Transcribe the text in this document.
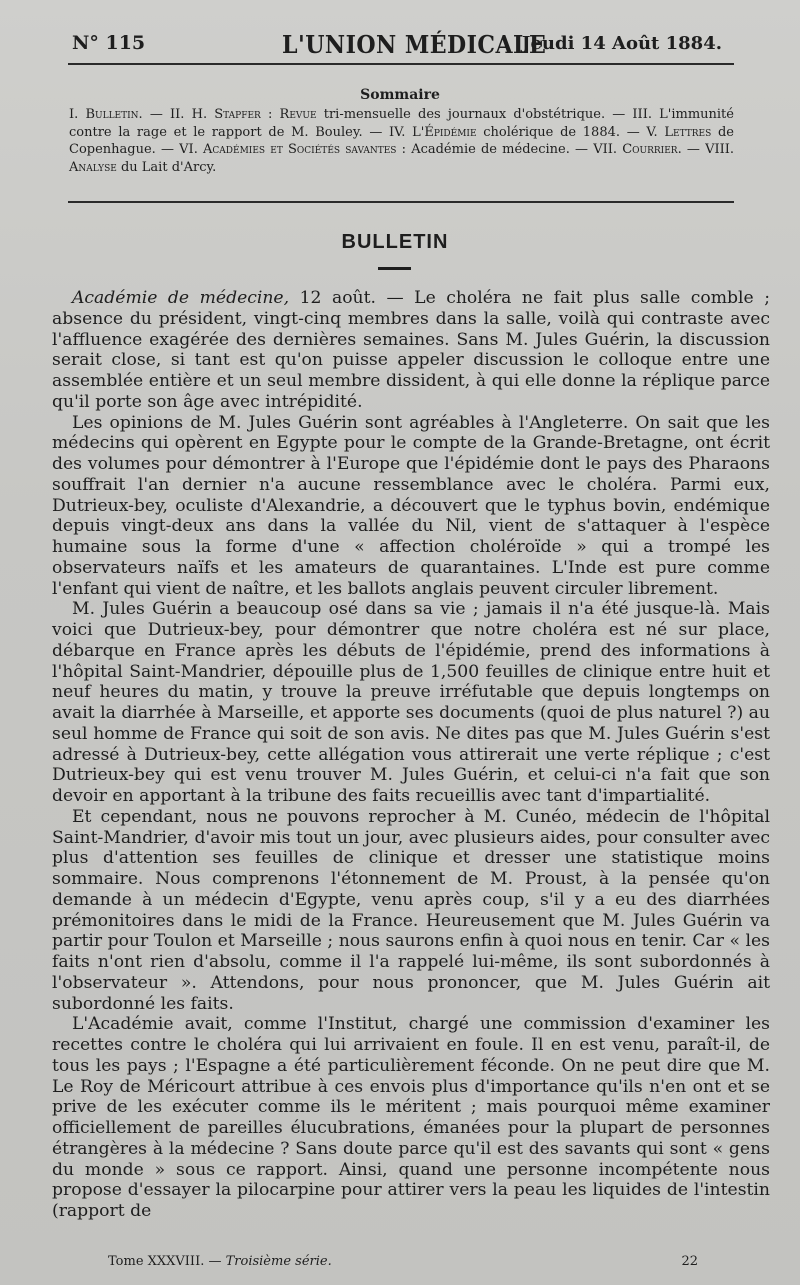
N° 115	L'UNION MÉDICALE
Jeudi 14 Août 1884.
Sommaire
I. Bulletin. — II. H. Stapfer : Revue tri-mensuelle des journaux d'obstétrique. — III. L'immunité contre la rage et le rapport de M. Bouley. — IV. L'Épidémie cholérique de 1884. — V. Lettres de Copenhague. — VI. Académies et Sociétés savantes : Académie de médecine. — VII. Courrier. — VIII. Analyse du Lait d'Arcy.
BULLETIN

Académie de médecine, 12 août. — Le choléra ne fait plus salle comble ; absence du président, vingt-cinq membres dans la salle, voilà qui contraste avec l'affluence exagérée des dernières semaines. Sans M. Jules Guérin, la discussion serait close, si tant est qu'on puisse appeler discussion le colloque entre une assemblée entière et un seul membre dissident, à qui elle donne la réplique parce qu'il porte son âge avec intrépidité.

Les opinions de M. Jules Guérin sont agréables à l'Angleterre. On sait que les médecins qui opèrent en Egypte pour le compte de la Grande-Bretagne, ont écrit des volumes pour démontrer à l'Europe que l'épidémie dont le pays des Pharaons souffrait l'an dernier n'a aucune ressemblance avec le choléra. Parmi eux, Dutrieux-bey, oculiste d'Alexandrie, a découvert que le typhus bovin, endémique depuis vingt-deux ans dans la vallée du Nil, vient de s'attaquer à l'espèce humaine sous la forme d'une « affection choléroïde » qui a trompé les observateurs naïfs et les amateurs de quarantaines. L'Inde est pure comme l'enfant qui vient de naître, et les ballots anglais peuvent circuler librement.

M. Jules Guérin a beaucoup osé dans sa vie ; jamais il n'a été jusque-là. Mais voici que Dutrieux-bey, pour démontrer que notre choléra est né sur place, débarque en France après les débuts de l'épidémie, prend des informations à l'hôpital Saint-Mandrier, dépouille plus de 1,500 feuilles de clinique entre huit et neuf heures du matin, y trouve la preuve irréfutable que depuis longtemps on avait la diarrhée à Marseille, et apporte ses documents (quoi de plus naturel ?) au seul homme de France qui soit de son avis. Ne dites pas que M. Jules Guérin s'est adressé à Dutrieux-bey, cette allégation vous attirerait une verte réplique ; c'est Dutrieux-bey qui est venu trouver M. Jules Guérin, et celui-ci n'a fait que son devoir en apportant à la tribune des faits recueillis avec tant d'impartialité.

Et cependant, nous ne pouvons reprocher à M. Cunéo, médecin de l'hôpital Saint-Mandrier, d'avoir mis tout un jour, avec plusieurs aides, pour consulter avec plus d'attention ses feuilles de clinique et dresser une statistique moins sommaire. Nous comprenons l'étonnement de M. Proust, à la pensée qu'on demande à un médecin d'Egypte, venu après coup, s'il y a eu des diarrhées prémonitoires dans le midi de la France. Heureusement que M. Jules Guérin va partir pour Toulon et Marseille ; nous saurons enfin à quoi nous en tenir. Car « les faits n'ont rien d'absolu, comme il l'a rappelé lui-même, ils sont subordonnés à l'observateur ». Attendons, pour nous prononcer, que M. Jules Guérin ait subordonné les faits.

L'Académie avait, comme l'Institut, chargé une commission d'examiner les recettes contre le choléra qui lui arrivaient en foule. Il en est venu, paraît-il, de tous les pays ; l'Espagne a été particulièrement féconde. On ne peut dire que M. Le Roy de Méricourt attribue à ces envois plus d'importance qu'ils n'en ont et se prive de les exécuter comme ils le méritent ; mais pourquoi même examiner officiellement de pareilles élucubrations, émanées pour la plupart de personnes étrangères à la médecine ? Sans doute parce qu'il est des savants qui sont « gens du monde » sous ce rapport. Ainsi, quand une personne incompétente nous propose d'essayer la pilocarpine pour attirer vers la peau les liquides de l'intestin (rapport de

Tome XXXVIII. — Troisième série.	22
